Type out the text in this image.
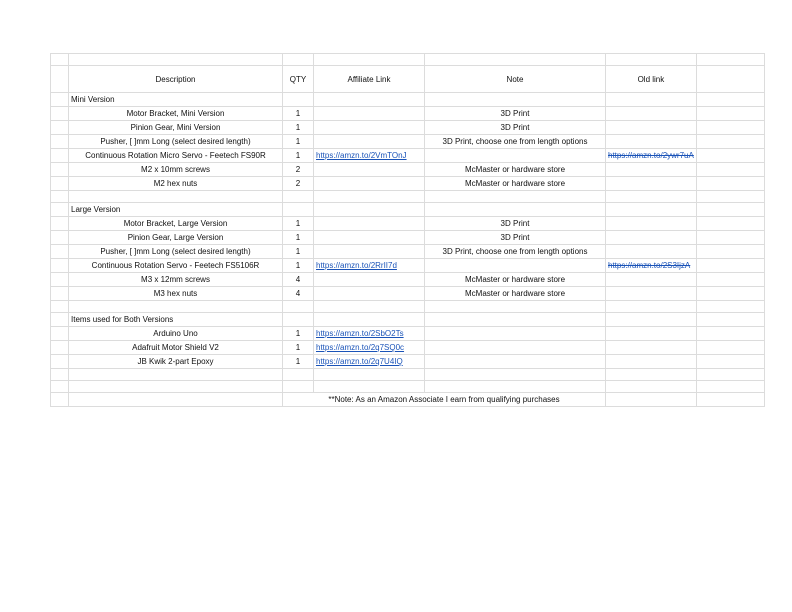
	Description	QTY	Affiliate Link	Note	Old link	
	Mini Version					
	Motor Bracket, Mini Version	1		3D Print		
	Pinion Gear, Mini Version	1		3D Print		
	Pusher, [ ]mm Long (select desired length)	1		3D Print, choose one from length options		
	Continuous Rotation Micro Servo - Feetech FS90R	1	https://amzn.to/2VmTOnJ		https://amzn.to/2ywr7uA	
	M2 x 10mm screws	2		McMaster or hardware store		
	M2 hex nuts	2		McMaster or hardware store		

	Large Version					
	Motor Bracket, Large Version	1		3D Print		
	Pinion Gear, Large Version	1		3D Print		
	Pusher, [ ]mm Long (select desired length)	1		3D Print, choose one from length options		
	Continuous Rotation Servo - Feetech FS5106R	1	https://amzn.to/2RrII7d		https://amzn.to/2S3IjzA	
	M3 x 12mm screws	4		McMaster or hardware store		
	M3 hex nuts	4		McMaster or hardware store		

	Items used for Both Versions					
	Arduino Uno	1	https://amzn.to/2SbO2Ts			
	Adafruit Motor Shield V2	1	https://amzn.to/2q7SQ0c			
	JB Kwik 2-part Epoxy	1	https://amzn.to/2q7U4IQ			

		**Note: As an Amazon Associate I earn from qualifying purchases				
